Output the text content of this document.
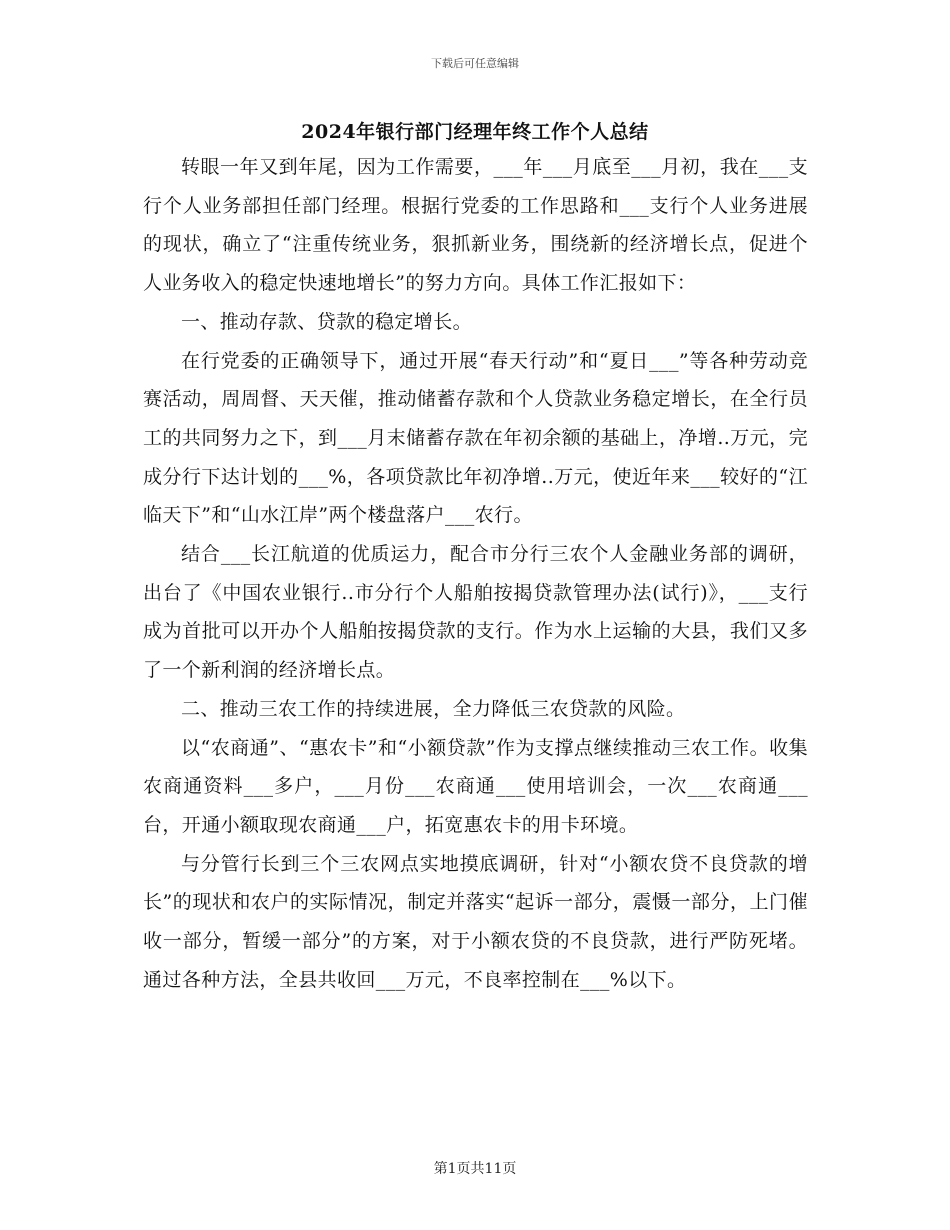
下载后可任意编辑
2024年银行部门经理年终工作个人总结

转眼一年又到年尾，因为工作需要，___年___月底至___月初，我在___支行个人业务部担任部门经理。根据行党委的工作思路和___支行个人业务进展的现状，确立了“注重传统业务，狠抓新业务，围绕新的经济增长点，促进个人业务收入的稳定快速地增长”的努力方向。具体工作汇报如下：

一、推动存款、贷款的稳定增长。

在行党委的正确领导下，通过开展“春天行动”和“夏日___”等各种劳动竞赛活动，周周督、天天催，推动储蓄存款和个人贷款业务稳定增长，在全行员工的共同努力之下，到___月末储蓄存款在年初余额的基础上，净增..万元，完成分行下达计划的___%，各项贷款比年初净增..万元，使近年来___较好的“江临天下”和“山水江岸”两个楼盘落户___农行。

结合___长江航道的优质运力，配合市分行三农个人金融业务部的调研，出台了《中国农业银行..市分行个人船舶按揭贷款管理办法(试行)》，___支行成为首批可以开办个人船舶按揭贷款的支行。作为水上运输的大县，我们又多了一个新利润的经济增长点。

二、推动三农工作的持续进展，全力降低三农贷款的风险。

以“农商通”、“惠农卡”和“小额贷款”作为支撑点继续推动三农工作。收集农商通资料___多户，___月份___农商通___使用培训会，一次___农商通___台，开通小额取现农商通___户，拓宽惠农卡的用卡环境。

与分管行长到三个三农网点实地摸底调研，针对“小额农贷不良贷款的增长”的现状和农户的实际情况，制定并落实“起诉一部分，震慑一部分，上门催收一部分，暂缓一部分”的方案，对于小额农贷的不良贷款，进行严防死堵。通过各种方法，全县共收回___万元，不良率控制在___%以下。

第1页共11页
